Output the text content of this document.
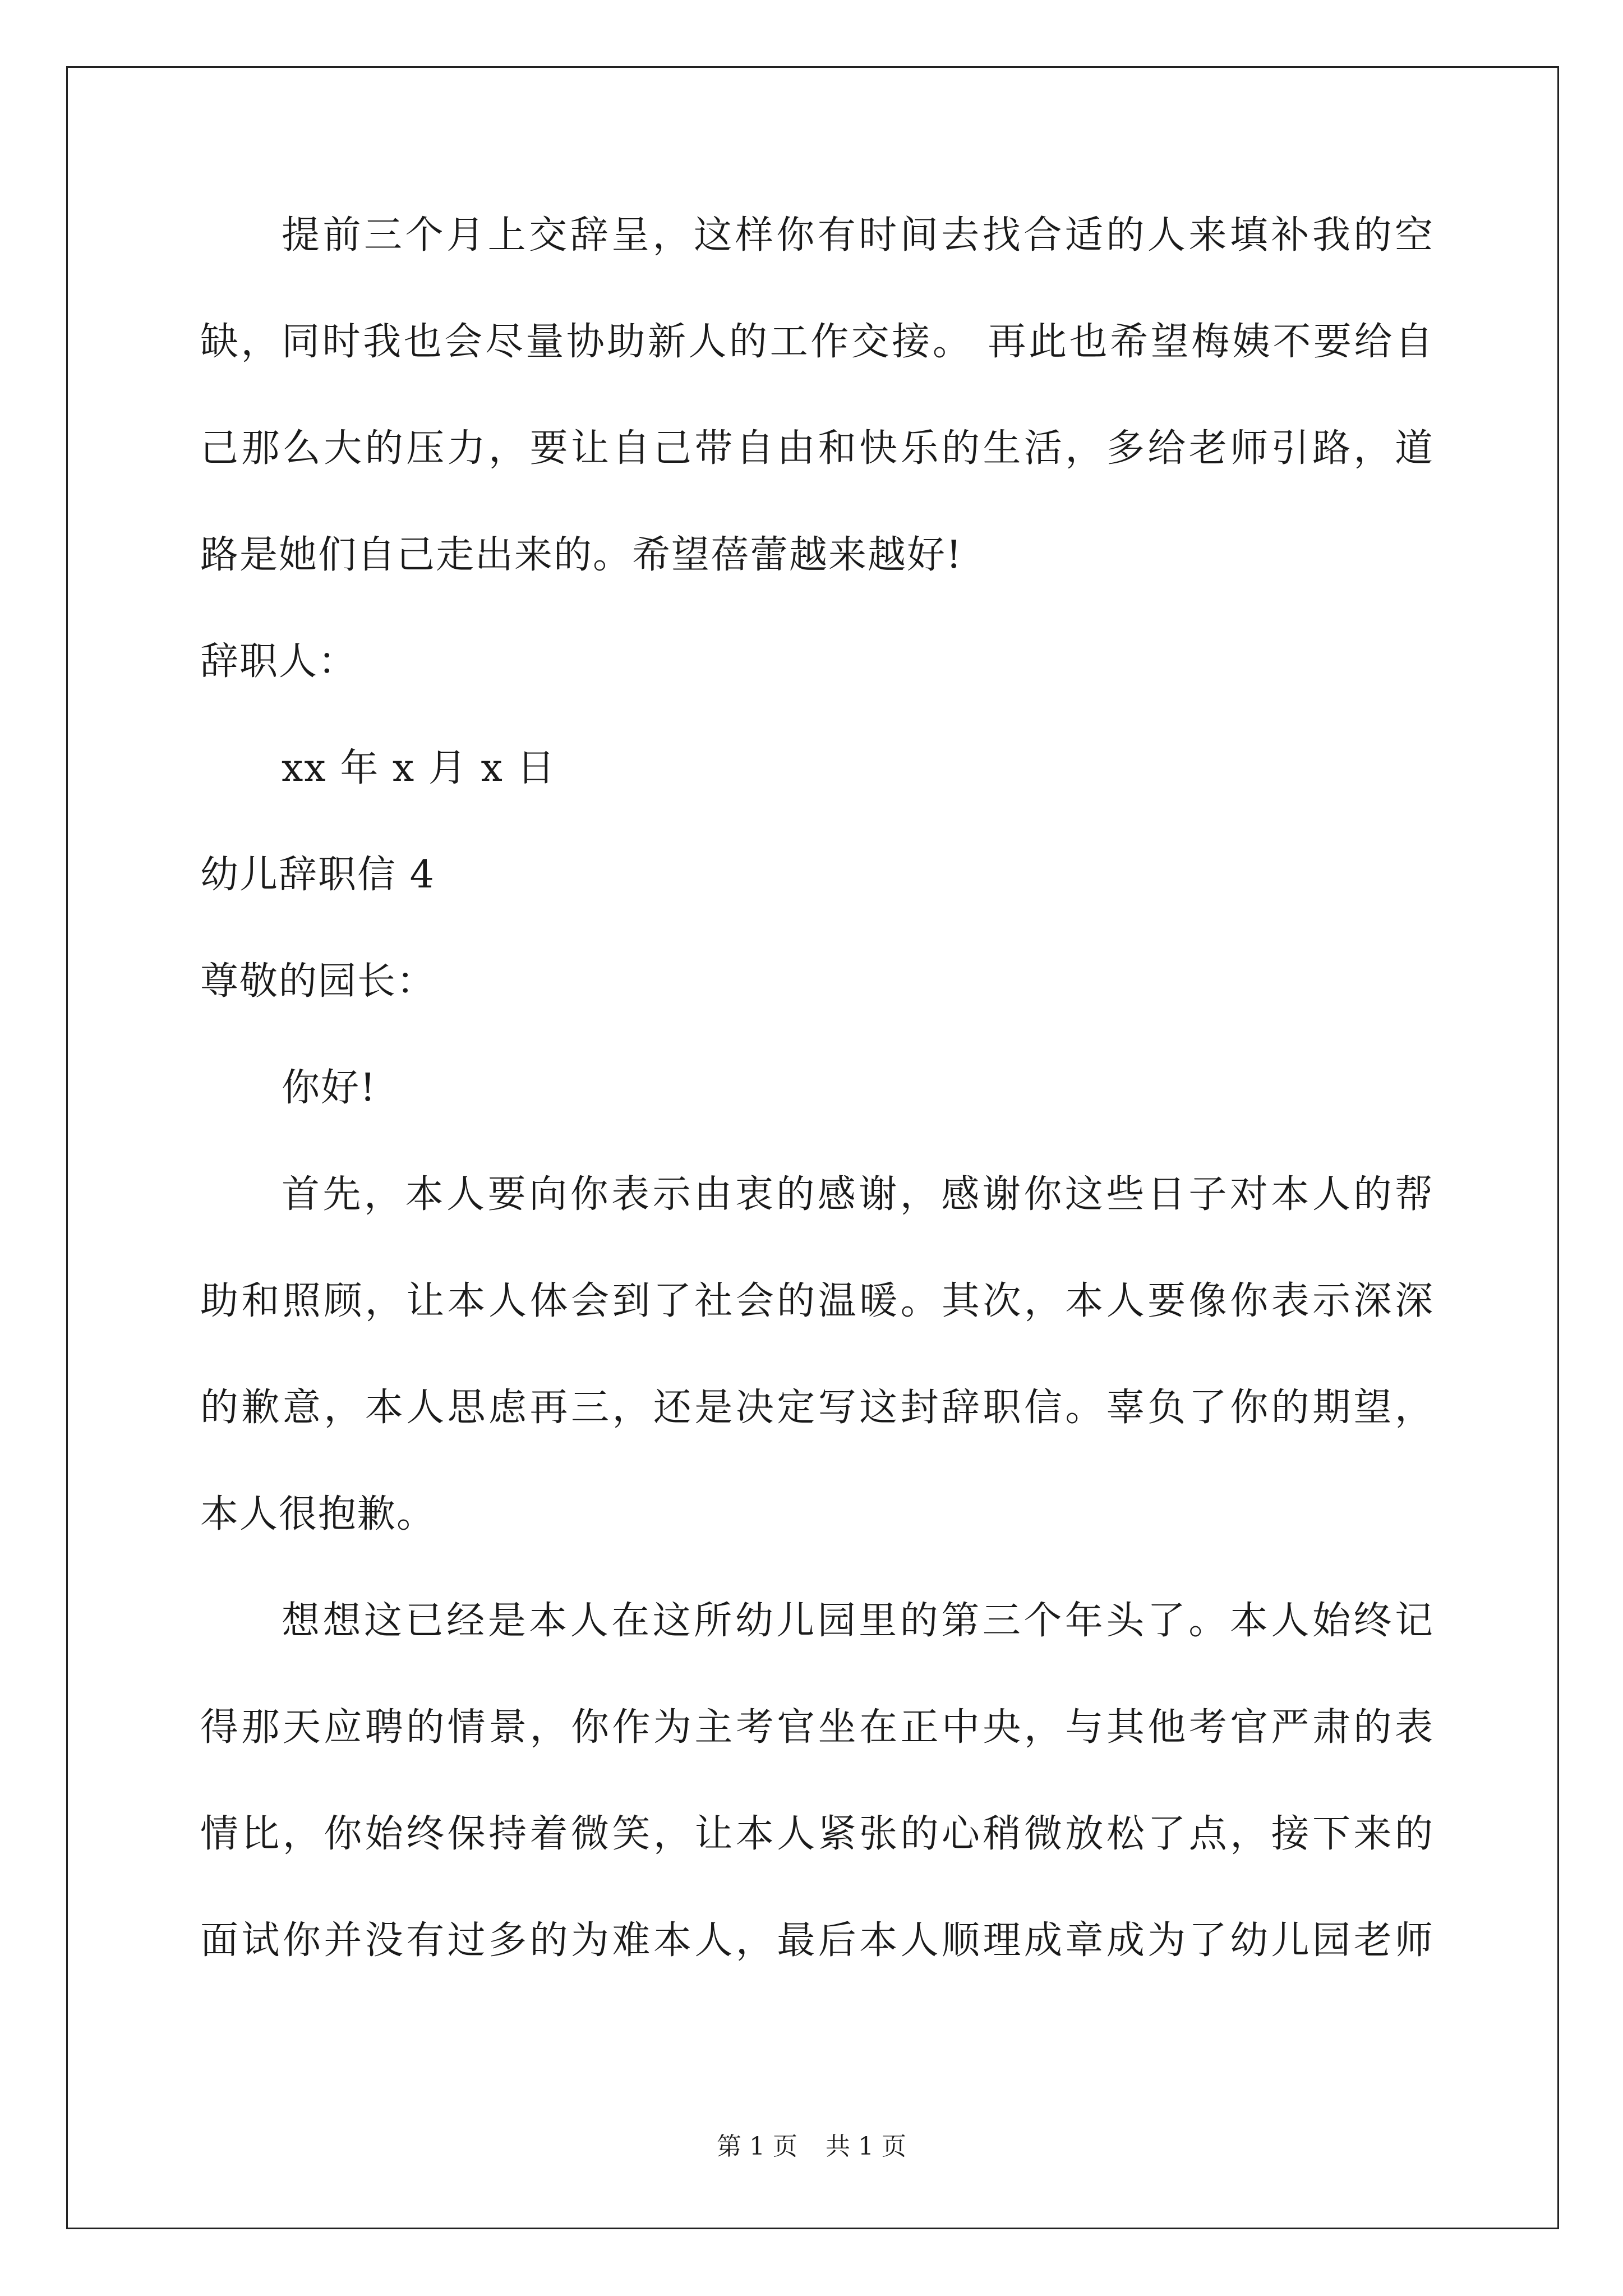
提前三个月上交辞呈，这样你有时间去找合适的人来填补我的空
缺，同时我也会尽量协助新人的工作交接。 再此也希望梅姨不要给自
己那么大的压力，要让自己带自由和快乐的生活，多给老师引路，道
路是她们自己走出来的。希望蓓蕾越来越好!
辞职人：
xx 年 x 月 x 日
幼儿辞职信 4
尊敬的园长：
你好!
首先，本人要向你表示由衷的感谢，感谢你这些日子对本人的帮
助和照顾，让本人体会到了社会的温暖。其次，本人要像你表示深深
的歉意，本人思虑再三，还是决定写这封辞职信。辜负了你的期望，
本人很抱歉。
想想这已经是本人在这所幼儿园里的第三个年头了。本人始终记
得那天应聘的情景，你作为主考官坐在正中央，与其他考官严肃的表
情比，你始终保持着微笑，让本人紧张的心稍微放松了点，接下来的
面试你并没有过多的为难本人，最后本人顺理成章成为了幼儿园老师
第 1 页 共 1 页
